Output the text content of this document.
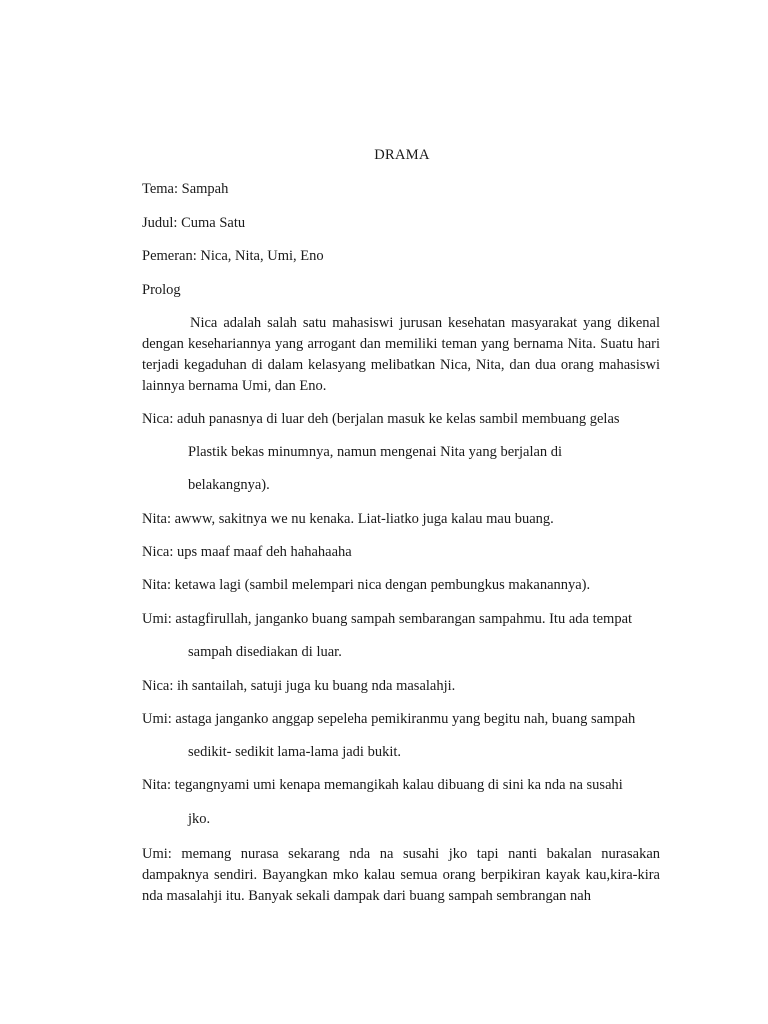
DRAMA
Tema: Sampah
Judul: Cuma Satu
Pemeran: Nica, Nita, Umi, Eno
Prolog
Nica adalah salah satu mahasiswi jurusan kesehatan masyarakat yang dikenal dengan kesehariannya yang arrogant dan memiliki teman yang bernama Nita. Suatu hari terjadi kegaduhan di dalam kelasyang melibatkan Nica, Nita, dan dua orang mahasiswi lainnya bernama Umi, dan Eno.
Nica: aduh panasnya di luar deh (berjalan masuk ke kelas sambil membuang gelas
Plastik bekas minumnya, namun mengenai Nita yang berjalan di
belakangnya).
Nita: awww, sakitnya we nu kenaka. Liat-liatko juga kalau mau buang.
Nica: ups maaf maaf deh hahahaaha
Nita: ketawa lagi (sambil melempari nica dengan pembungkus makanannya).
Umi: astagfirullah, janganko buang sampah sembarangan sampahmu. Itu ada tempat
sampah disediakan di luar.
Nica: ih santailah, satuji juga ku buang nda masalahji.
Umi: astaga janganko anggap sepeleha pemikiranmu yang begitu nah, buang sampah
sedikit- sedikit lama-lama jadi bukit.
Nita: tegangnyami umi kenapa memangikah kalau dibuang di sini ka nda na susahi
jko.
Umi: memang nurasa sekarang nda na susahi jko tapi nanti bakalan nurasakan dampaknya sendiri. Bayangkan mko kalau semua orang berpikiran kayak kau,kira-kira nda masalahji itu. Banyak sekali dampak dari buang sampah sembrangan nah
